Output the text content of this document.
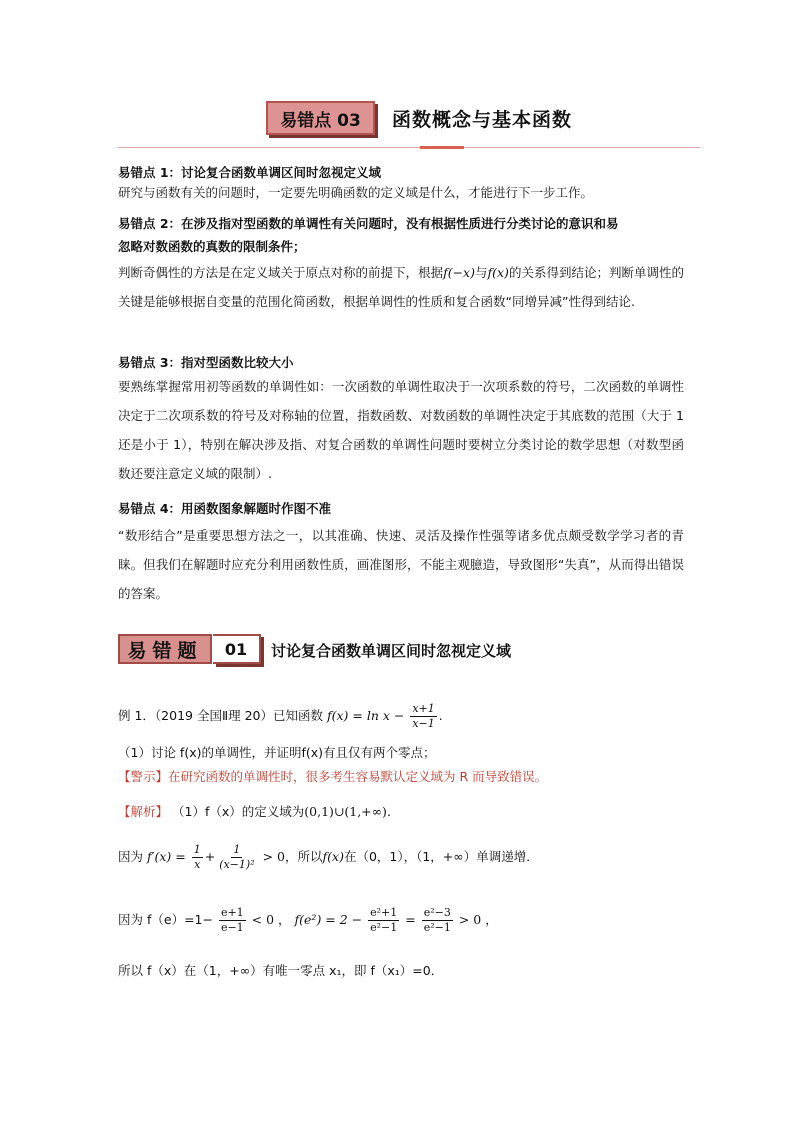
易错点 03	函数概念与基本函数
易错点 1：讨论复合函数单调区间时忽视定义域
研究与函数有关的问题时，一定要先明确函数的定义域是什么，才能进行下一步工作。
易错点 2：在涉及指对型函数的单调性有关问题时，没有根据性质进行分类讨论的意识和易
忽略对数函数的真数的限制条件；
判断奇偶性的方法是在定义域关于原点对称的前提下，根据f(−x)与f(x)的关系得到结论；判断单调性的关键是能够根据自变量的范围化简函数，根据单调性的性质和复合函数“同增异减”性得到结论.
易错点 3：指对型函数比较大小
要熟练掌握常用初等函数的单调性如：一次函数的单调性取决于一次项系数的符号，二次函数的单调性决定于二次项系数的符号及对称轴的位置，指数函数、对数函数的单调性决定于其底数的范围（大于 1 还是小于 1），特别在解决涉及指、对复合函数的单调性问题时要树立分类讨论的数学思想（对数型函数还要注意定义域的限制）.
易错点 4：用函数图象解题时作图不准
“数形结合”是重要思想方法之一，以其准确、快速、灵活及操作性强等诸多优点颇受数学学习者的青睐。但我们在解题时应充分利用函数性质，画准图形，不能主观臆造，导致图形“失真”，从而得出错误的答案。
易错题	01	讨论复合函数单调区间时忽视定义域
例 1．（2019 全国Ⅱ理 20）已知函数 $f(x) = \ln x - \frac{x+1}{x-1}$ .
（1）讨论 f(x)的单调性，并证明f(x)有且仅有两个零点；
【警示】在研究函数的单调性时，很多考生容易默认定义域为 R 而导致错误。
【解析】 （1）f（x）的定义域为(0,1)∪(1,+∞).
因为 $f'(x) = \frac{1}{x} + \frac{1}{\text{(x−1)²}} > 0$，所以f(x)在（0，1），（1，+∞）单调递增．
因为 $f(e)=1- \frac{e+1}{e-1} < 0$ ， $f(e^2) = 2 - \frac{\text{e²+1}}{\text{e²−1}} = \frac{\text{e²−3}}{\text{e²−1}} > 0$ ，
所以 f（x）在（1，+∞）有唯一零点 x₁，即 f（x₁）=0．
